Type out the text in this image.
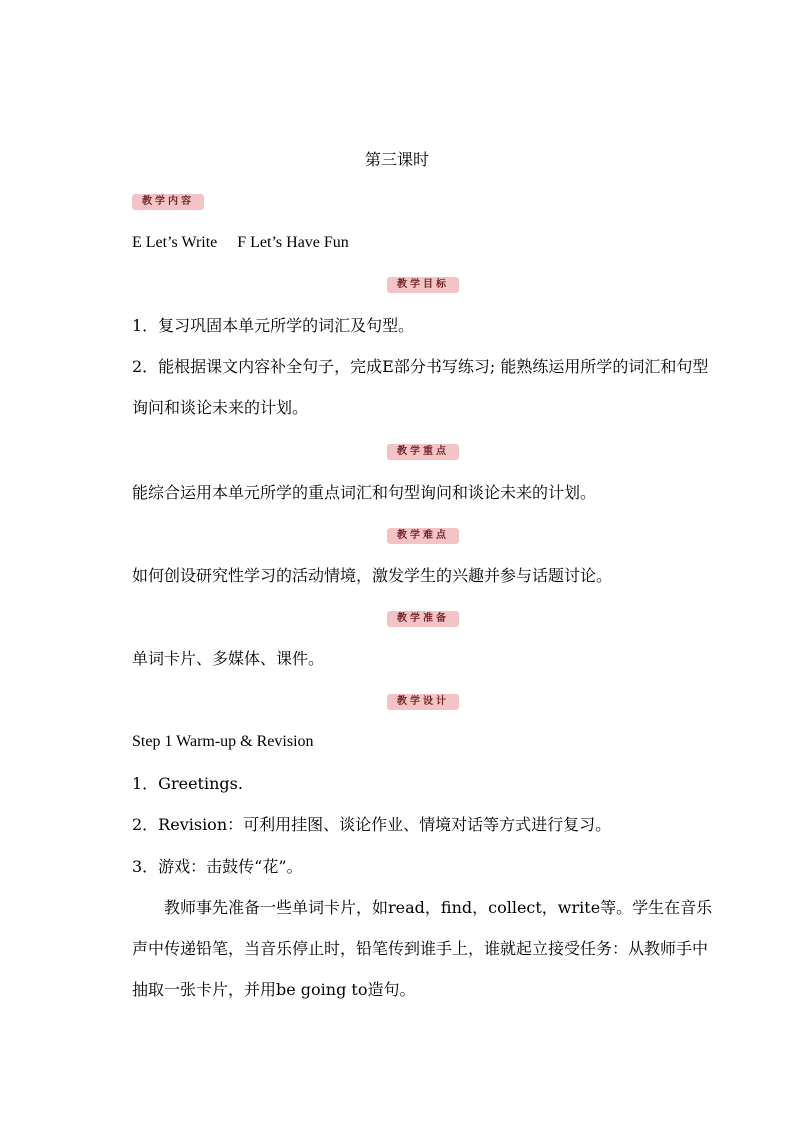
第三课时
教学内容

E Let’s Write　 F Let’s Have Fun

教学目标

1．复习巩固本单元所学的词汇及句型。

2．能根据课文内容补全句子，完成E部分书写练习; 能熟练运用所学的词汇和句型询问和谈论未来的计划。

教学重点

能综合运用本单元所学的重点词汇和句型询问和谈论未来的计划。

教学难点

如何创设研究性学习的活动情境，激发学生的兴趣并参与话题讨论。

教学准备

单词卡片、多媒体、课件。

教学设计

Step 1 Warm-up & Revision

1．Greetings.

2．Revision：可利用挂图、谈论作业、情境对话等方式进行复习。

3．游戏：击鼓传“花”。

教师事先准备一些单词卡片，如read，find，collect，write等。学生在音乐声中传递铅笔，当音乐停止时，铅笔传到谁手上，谁就起立接受任务：从教师手中抽取一张卡片，并用be going to造句。
